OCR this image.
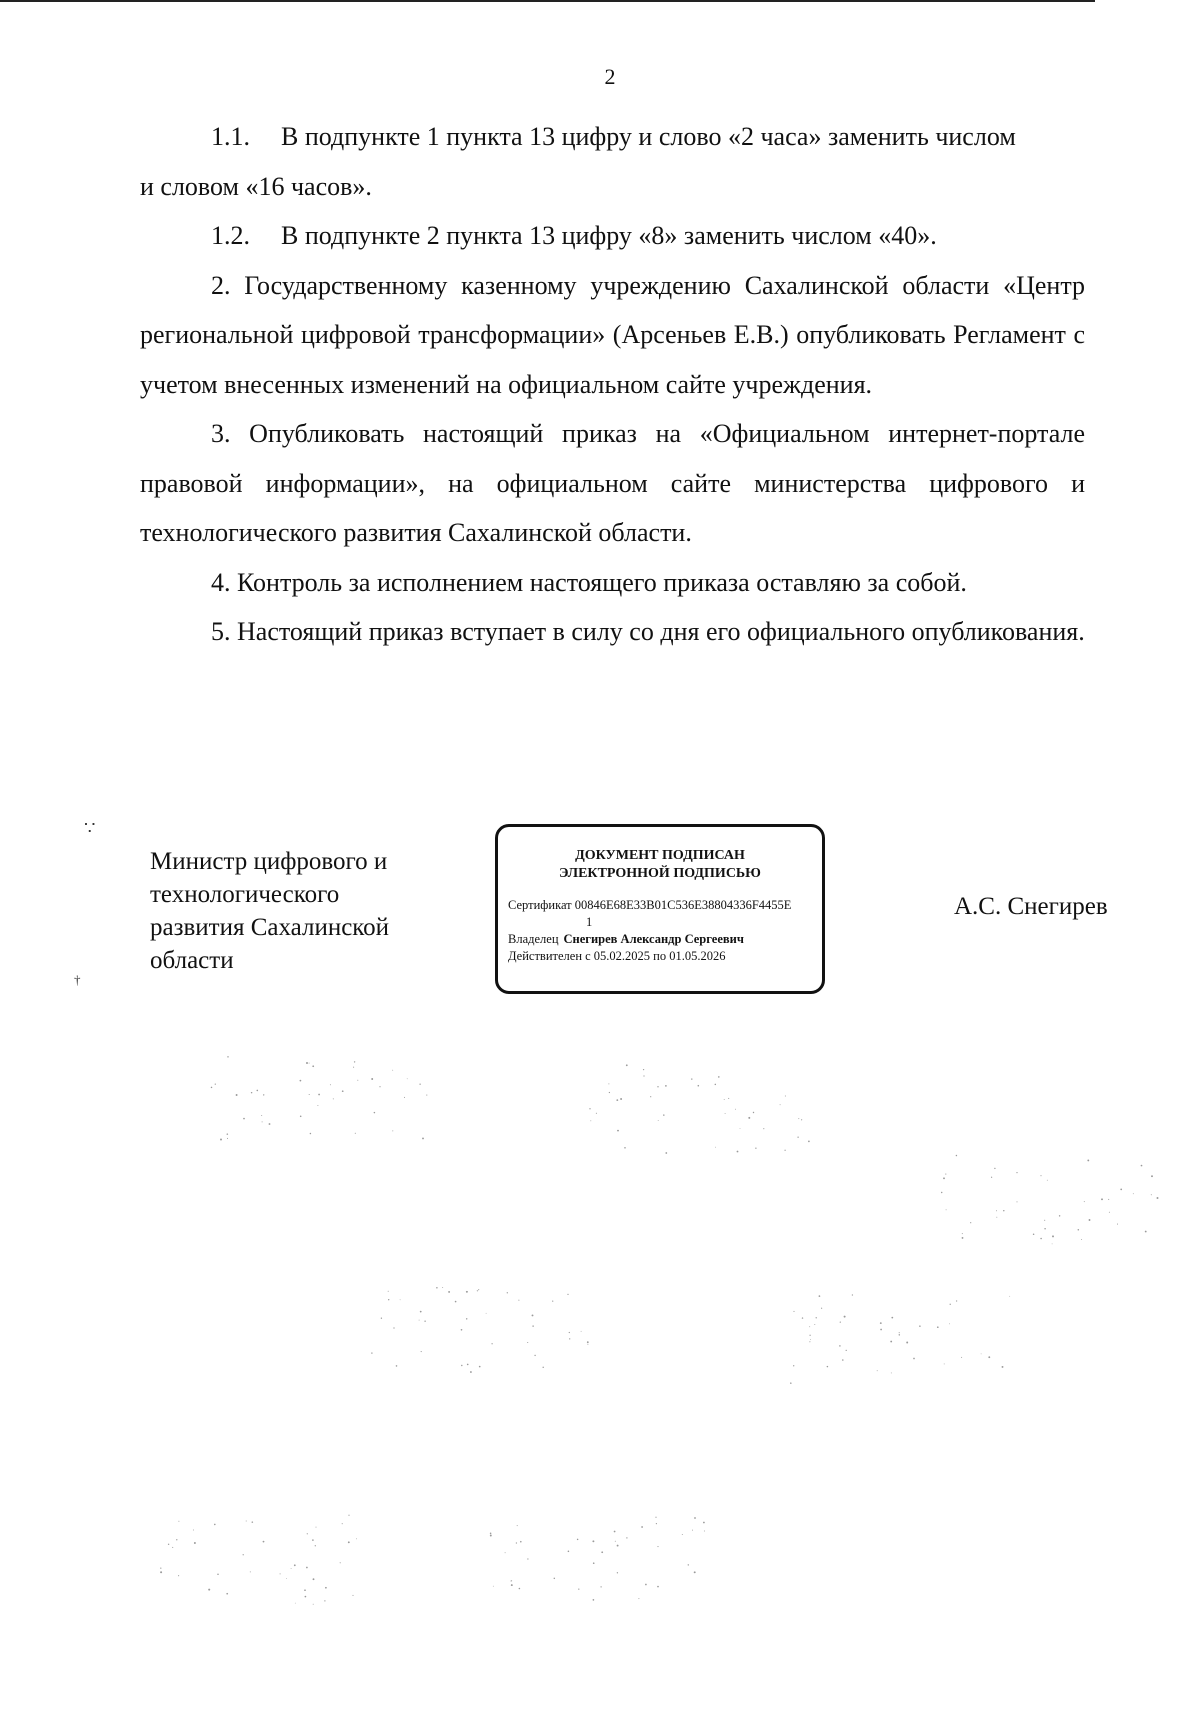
2

1.1.	В подпункте 1 пункта 13 цифру и слово «2 часа» заменить числом

и словом «16 часов».

1.2.	В подпункте 2 пункта 13 цифру «8» заменить числом «40».

2. Государственному казенному учреждению Сахалинской области «Центр региональной цифровой трансформации» (Арсеньев Е.В.) опубликовать Регламент с учетом внесенных изменений на официальном сайте учреждения.

3. Опубликовать настоящий приказ на «Официальном интернет-портале правовой информации», на официальном сайте министерства цифрового и технологического развития Сахалинской области.

4. Контроль за исполнением настоящего приказа оставляю за собой.

5. Настоящий приказ вступает в силу со дня его официального опубликования.

Министр цифрового и
технологического
развития Сахалинской
области
ДОКУМЕНТ ПОДПИСАН
ЭЛЕКТРОННОЙ ПОДПИСЬЮ
Сертификат 00846E68E33B01C536E38804336F4455E
1
Владелец Снегирев Александр Сергеевич
Действителен с 05.02.2025 по 01.05.2026
А.С. Снегирев
∵
†
